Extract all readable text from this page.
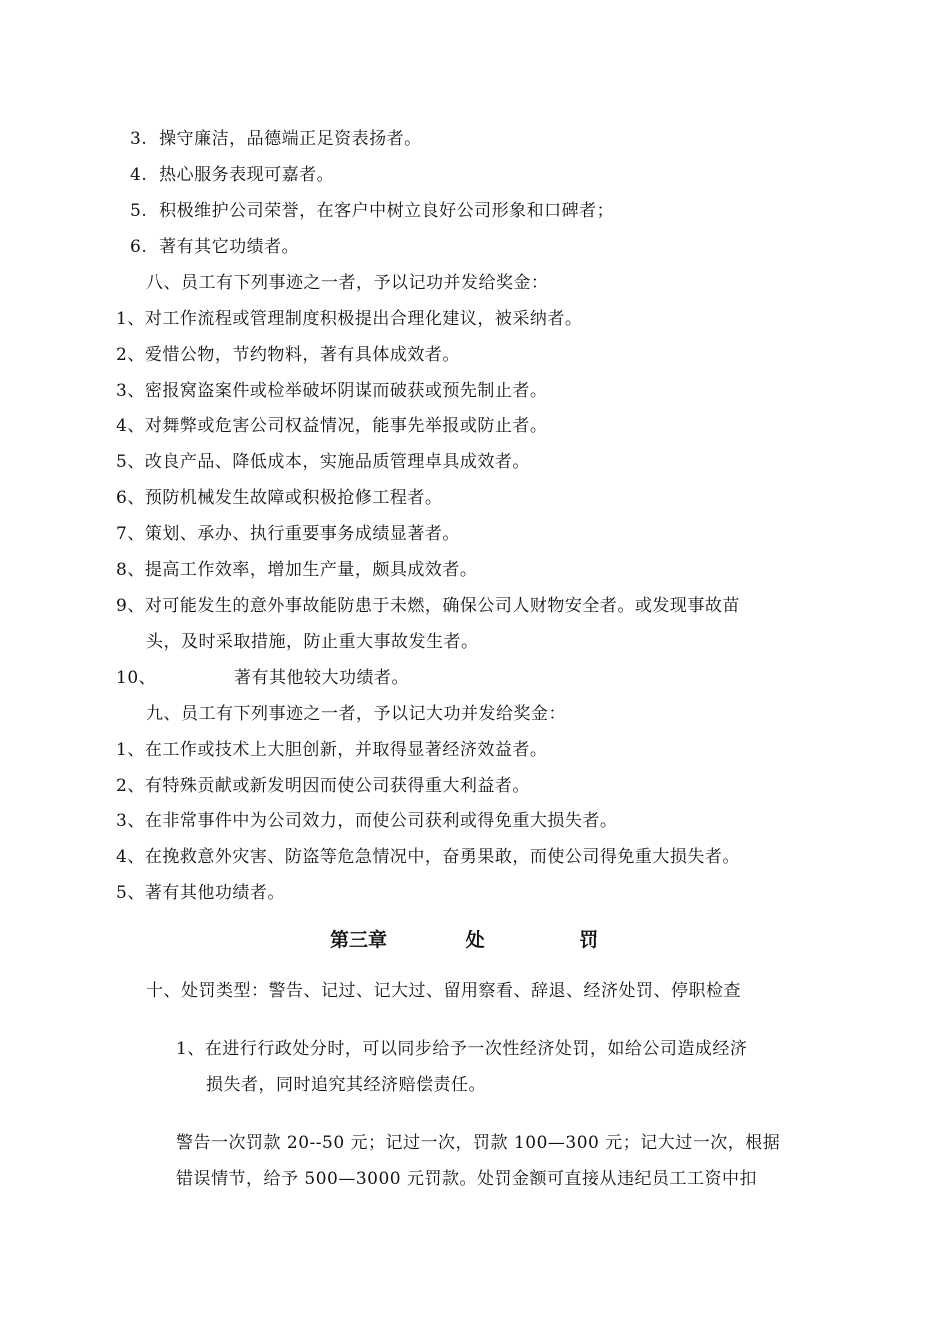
3. 操守廉洁，品德端正足资表扬者。
4. 热心服务表现可嘉者。
5. 积极维护公司荣誉，在客户中树立良好公司形象和口碑者；
6. 著有其它功绩者。
八、员工有下列事迹之一者，予以记功并发给奖金：
1、对工作流程或管理制度积极提出合理化建议，被采纳者。
2、爱惜公物，节约物料，著有具体成效者。
3、密报窝盗案件或检举破坏阴谋而破获或预先制止者。
4、对舞弊或危害公司权益情况，能事先举报或防止者。
5、改良产品、降低成本，实施品质管理卓具成效者。
6、预防机械发生故障或积极抢修工程者。
7、策划、承办、执行重要事务成绩显著者。
8、提高工作效率，增加生产量，颇具成效者。
9、对可能发生的意外事故能防患于未燃，确保公司人财物安全者。或发现事故苗
头，及时采取措施，防止重大事故发生者。
10、	著有其他较大功绩者。
九、员工有下列事迹之一者，予以记大功并发给奖金：
1、在工作或技术上大胆创新，并取得显著经济效益者。
2、有特殊贡献或新发明因而使公司获得重大利益者。
3、在非常事件中为公司效力，而使公司获利或得免重大损失者。
4、在挽救意外灾害、防盗等危急情况中，奋勇果敢，而使公司得免重大损失者。
5、著有其他功绩者。
第三章	处	罚
十、处罚类型：警告、记过、记大过、留用察看、辞退、经济处罚、停职检查
1、在进行行政处分时，可以同步给予一次性经济处罚，如给公司造成经济
损失者，同时追究其经济赔偿责任。
警告一次罚款 20--50 元；记过一次，罚款 100—300 元；记大过一次，根据
错误情节，给予 500—3000 元罚款。处罚金额可直接从违纪员工工资中扣
